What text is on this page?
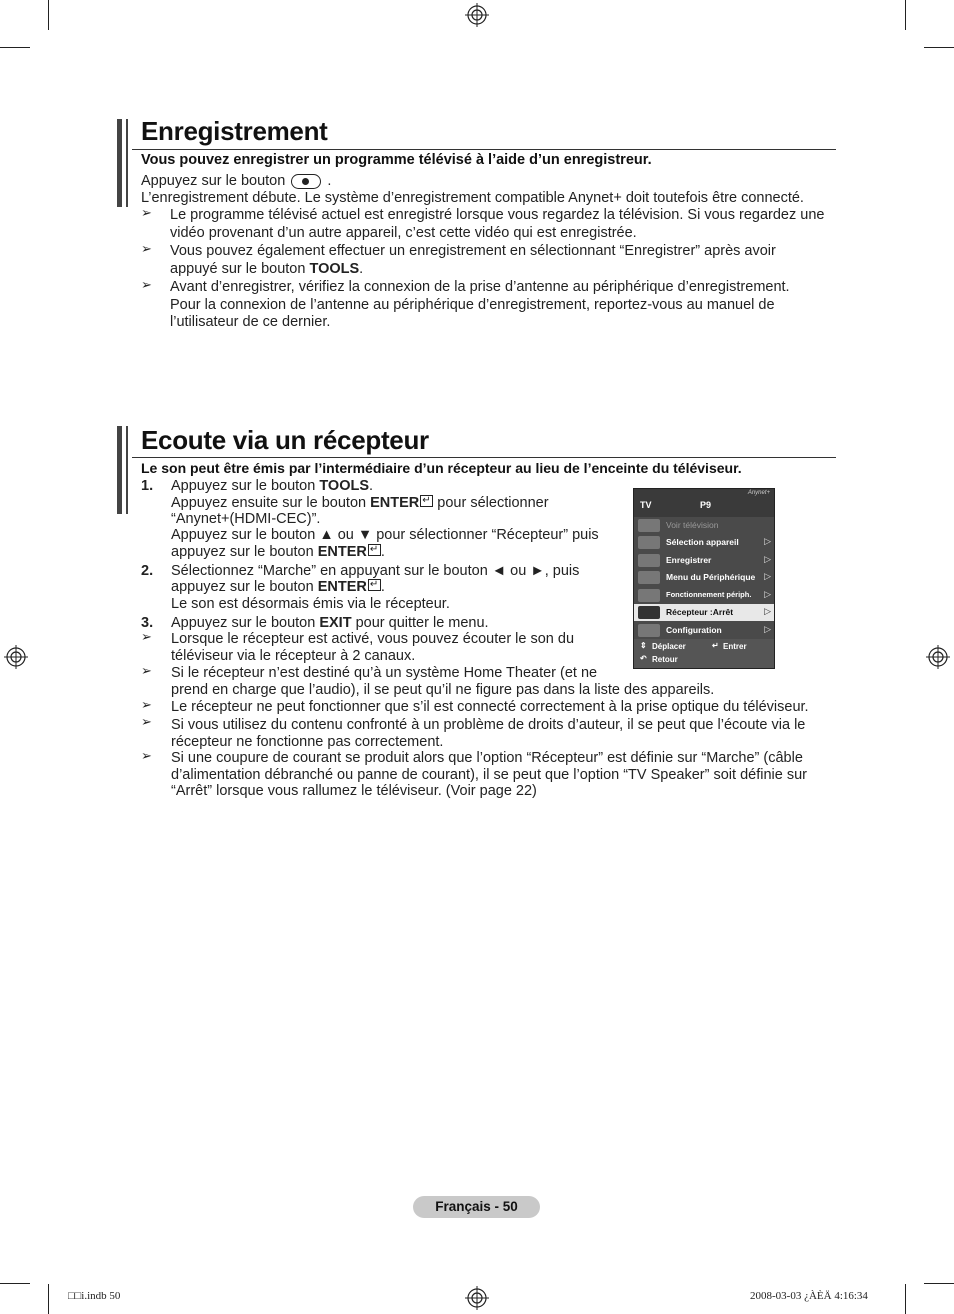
Enregistrement
Vous pouvez enregistrer un programme télévisé à l’aide d’un enregistreur.
Appuyez sur le bouton	.
L’enregistrement débute. Le système d’enregistrement compatible Anynet+ doit toutefois être connecté.
➢ Le programme télévisé actuel est enregistré lorsque vous regardez la télévision. Si vous regardez une vidéo provenant d’un autre appareil, c’est cette vidéo qui est enregistrée.
➢ Vous pouvez également effectuer un enregistrement en sélectionnant “Enregistrer” après avoir appuyé sur le bouton TOOLS.
➢ Avant d’enregistrer, vérifiez la connexion de la prise d’antenne au périphérique d’enregistrement. Pour la connexion de l’antenne au périphérique d’enregistrement, reportez-vous au manuel de l’utilisateur de ce dernier.
Ecoute via un récepteur
Le son peut être émis par l’intermédiaire d’un récepteur au lieu de l’enceinte du téléviseur.
1. Appuyez sur le bouton TOOLS.
Appuyez ensuite sur le bouton ENTER↵ pour sélectionner
“Anynet+(HDMI-CEC)”.
Appuyez sur le bouton ▲ ou ▼ pour sélectionner “Récepteur” puis
appuyez sur le bouton ENTER ↵ .
2. Sélectionnez “Marche” en appuyant sur le bouton ◄ ou ►, puis
appuyez sur le bouton ENTER ↵ .
Le son est désormais émis via le récepteur.
3. Appuyez sur le bouton EXIT pour quitter le menu.
➢ Lorsque le récepteur est activé, vous pouvez écouter le son du
téléviseur via le récepteur à 2 canaux.
➢ Si le récepteur n’est destiné qu’à un système Home Theater (et ne
prend en charge que l’audio), il se peut qu’il ne figure pas dans la liste des appareils.
➢ Le récepteur ne peut fonctionner que s’il est connecté correctement à la prise optique du téléviseur.
➢ Si vous utilisez du contenu confronté à un problème de droits d’auteur, il se peut que l’écoute via le
récepteur ne fonctionne pas correctement.
➢ Si une coupure de courant se produit alors que l’option “Récepteur” est définie sur “Marche” (câble
d’alimentation débranché ou panne de courant), il se peut que l’option “TV Speaker” soit définie sur
“Arrêt” lorsque vous rallumez le téléviseur. (Voir page 22)
TV	P9
Anynet+
Voir télévision
Sélection appareil	▷
Enregistrer	▷
Menu du Périphérique ▷
Fonctionnement périph. ▷
Récepteur :Arrêt	▷
Configuration	▷
⇕ Déplacer	↵ Entrer
↶ Retour
Français - 50
□□i.indb 50	2008-03-03 ¿ÀÈÄ 4:16:34
